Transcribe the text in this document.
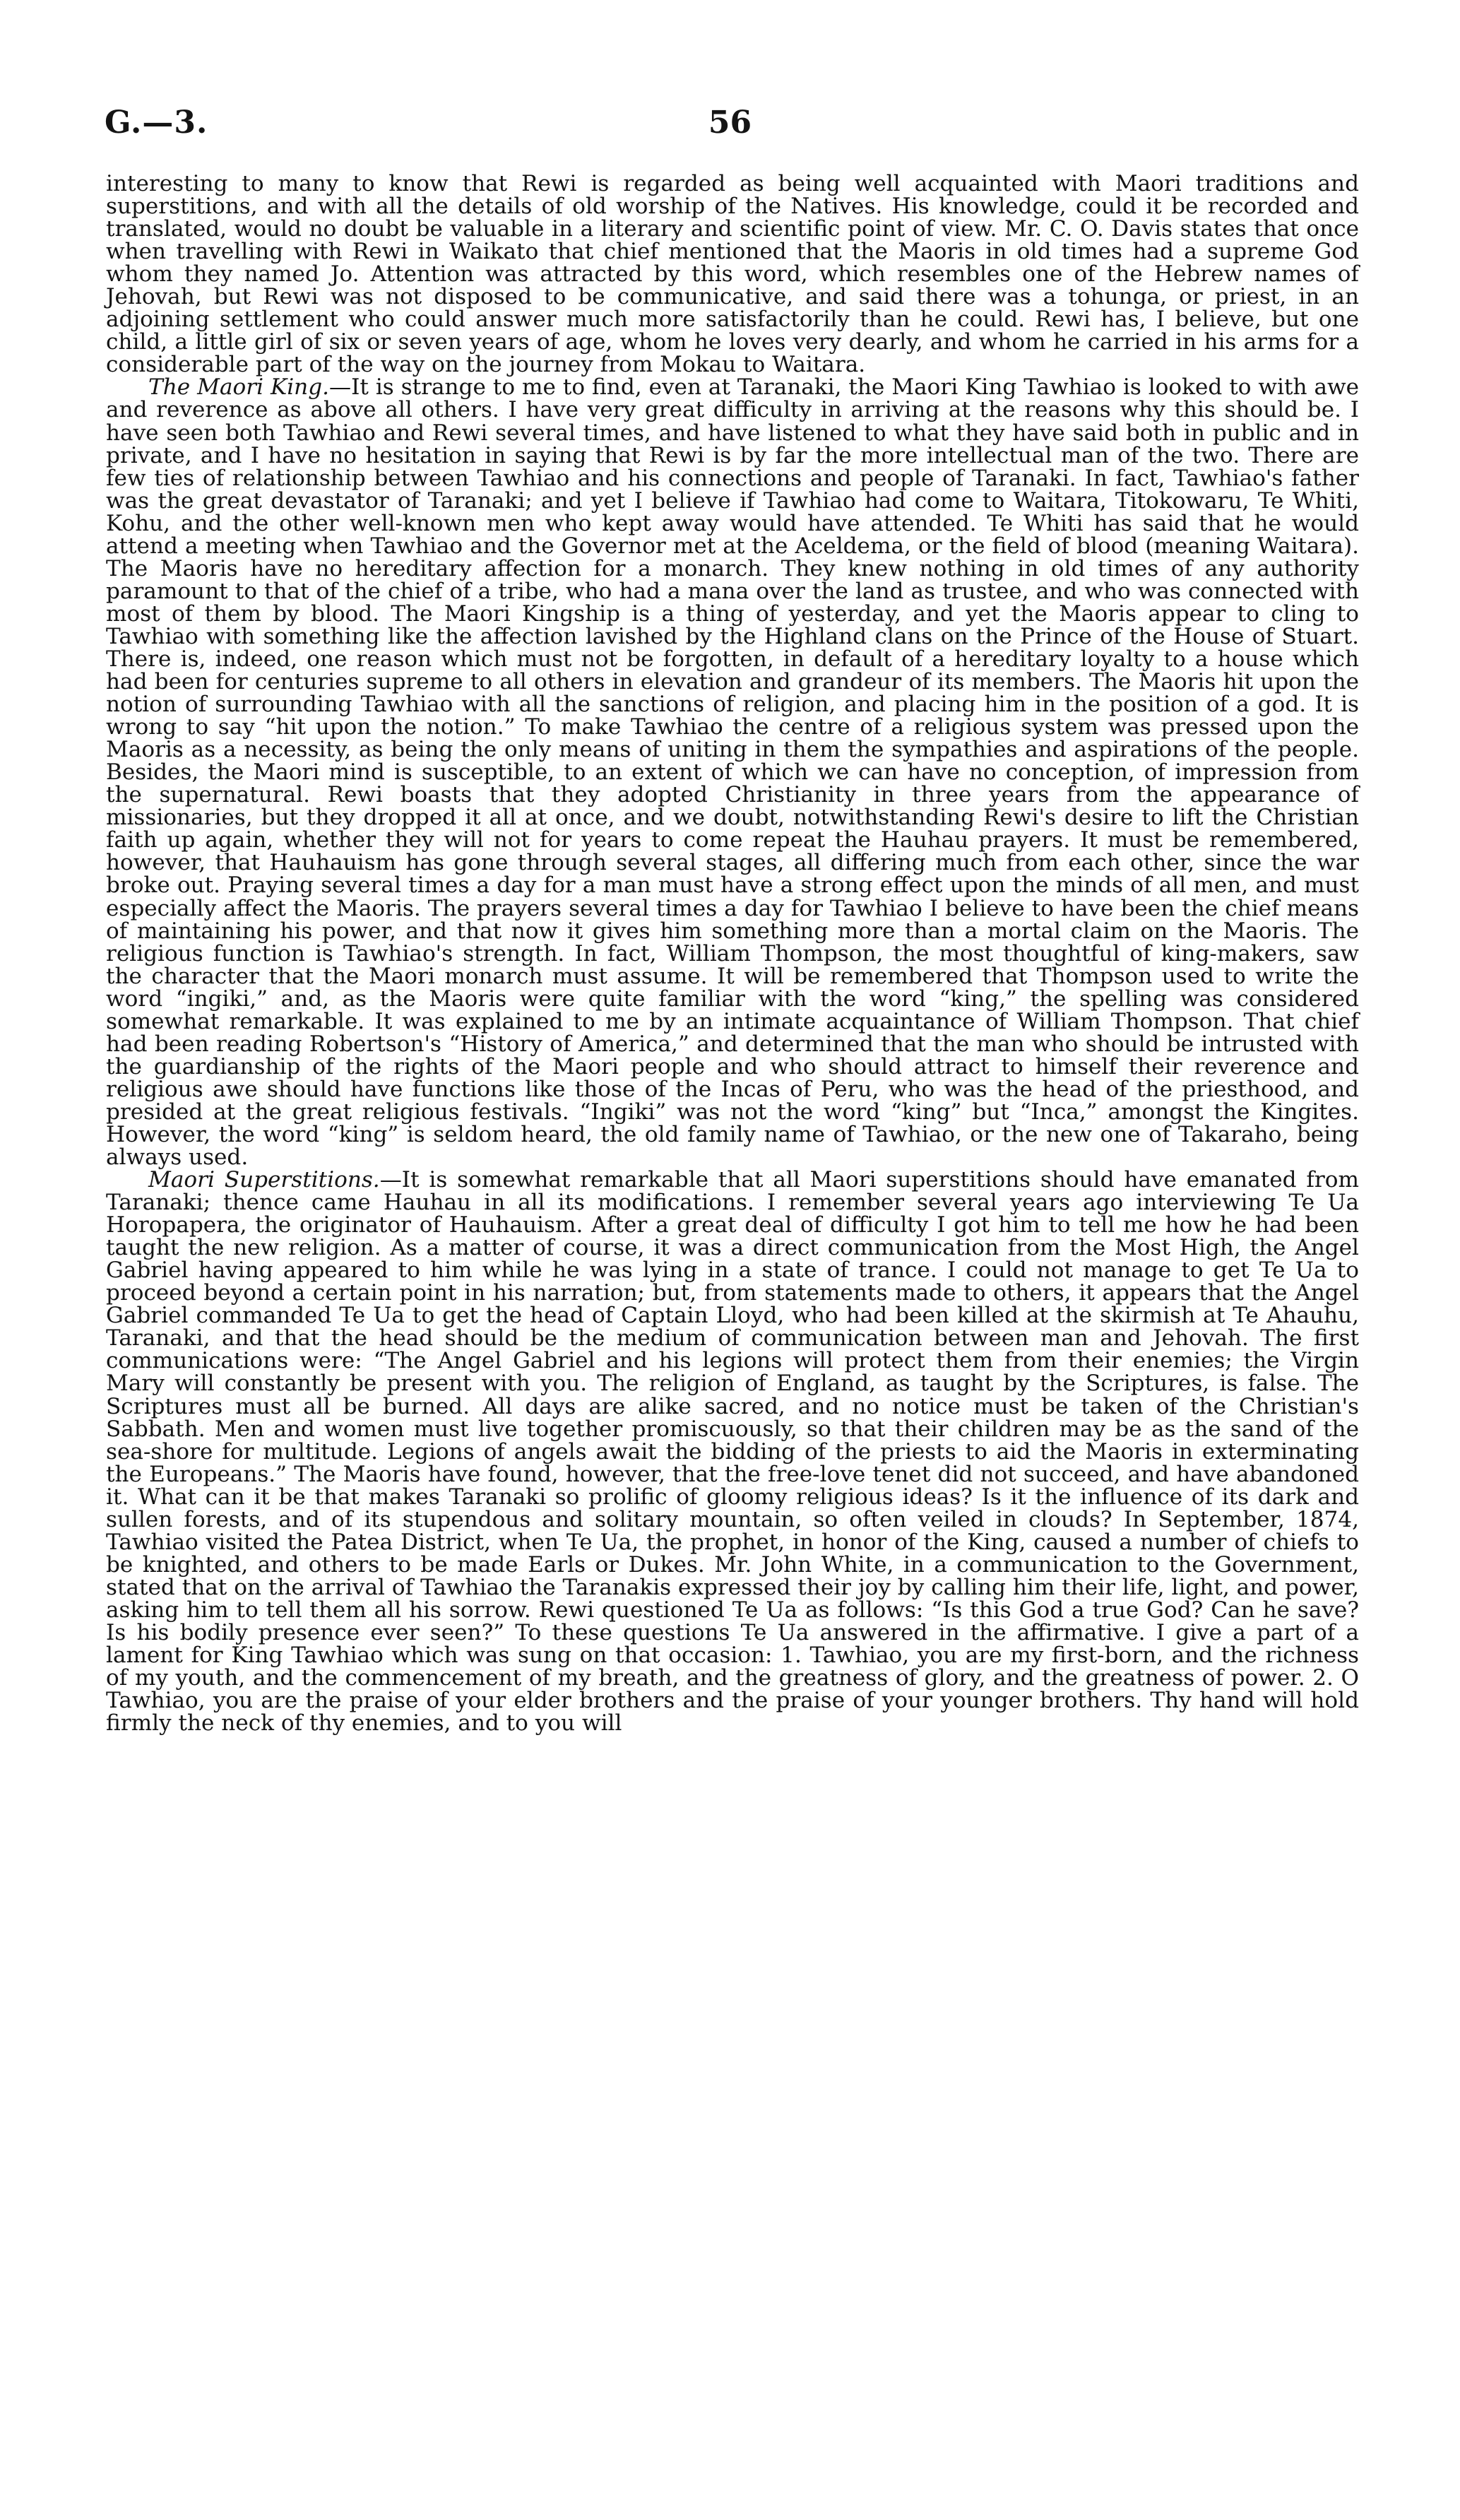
G.—3.	56

interesting to many to know that Rewi is regarded as being well acquainted with Maori traditions and superstitions, and with all the details of old worship of the Natives. His knowledge, could it be recorded and translated, would no doubt be valuable in a literary and scientific point of view. Mr. C. O. Davis states that once when travelling with Rewi in Waikato that chief mentioned that the Maoris in old times had a supreme God whom they named Jo. Attention was attracted by this word, which resembles one of the Hebrew names of Jehovah, but Rewi was not disposed to be communicative, and said there was a tohunga, or priest, in an adjoining settlement who could answer much more satisfactorily than he could. Rewi has, I believe, but one child, a little girl of six or seven years of age, whom he loves very dearly, and whom he carried in his arms for a considerable part of the way on the journey from Mokau to Waitara.

The Maori King.—It is strange to me to find, even at Taranaki, the Maori King Tawhiao is looked to with awe and reverence as above all others. I have very great difficulty in arriving at the reasons why this should be. I have seen both Tawhiao and Rewi several times, and have listened to what they have said both in public and in private, and I have no hesitation in saying that Rewi is by far the more intellectual man of the two. There are few ties of relationship between Tawhiao and his connections and people of Taranaki. In fact, Tawhiao's father was the great devastator of Taranaki; and yet I believe if Tawhiao had come to Waitara, Titokowaru, Te Whiti, Kohu, and the other well-known men who kept away would have attended. Te Whiti has said that he would attend a meeting when Tawhiao and the Governor met at the Aceldema, or the field of blood (meaning Waitara). The Maoris have no hereditary affection for a monarch. They knew nothing in old times of any authority paramount to that of the chief of a tribe, who had a mana over the land as trustee, and who was connected with most of them by blood. The Maori Kingship is a thing of yesterday, and yet the Maoris appear to cling to Tawhiao with something like the affection lavished by the Highland clans on the Prince of the House of Stuart. There is, indeed, one reason which must not be forgotten, in default of a hereditary loyalty to a house which had been for centuries supreme to all others in elevation and grandeur of its members. The Maoris hit upon the notion of surrounding Tawhiao with all the sanctions of religion, and placing him in the position of a god. It is wrong to say “hit upon the notion.” To make Tawhiao the centre of a religious system was pressed upon the Maoris as a necessity, as being the only means of uniting in them the sympathies and aspirations of the people. Besides, the Maori mind is susceptible, to an extent of which we can have no conception, of impression from the supernatural. Rewi boasts that they adopted Christianity in three years from the appearance of missionaries, but they dropped it all at once, and we doubt, notwithstanding Rewi's desire to lift the Christian faith up again, whether they will not for years to come repeat the Hauhau prayers. It must be remembered, however, that Hauhauism has gone through several stages, all differing much from each other, since the war broke out. Praying several times a day for a man must have a strong effect upon the minds of all men, and must especially affect the Maoris. The prayers several times a day for Tawhiao I believe to have been the chief means of maintaining his power, and that now it gives him something more than a mortal claim on the Maoris. The religious function is Tawhiao's strength. In fact, William Thompson, the most thoughtful of king-makers, saw the character that the Maori monarch must assume. It will be remembered that Thompson used to write the word “ingiki,” and, as the Maoris were quite familiar with the word “king,” the spelling was considered somewhat remarkable. It was explained to me by an intimate acquaintance of William Thompson. That chief had been reading Robertson's “History of America,” and determined that the man who should be intrusted with the guardianship of the rights of the Maori people and who should attract to himself their reverence and religious awe should have functions like those of the Incas of Peru, who was the head of the priesthood, and presided at the great religious festivals. “Ingiki” was not the word “king” but “Inca,” amongst the Kingites. However, the word “king” is seldom heard, the old family name of Tawhiao, or the new one of Takaraho, being always used.

Maori Superstitions.—It is somewhat remarkable that all Maori superstitions should have emanated from Taranaki; thence came Hauhau in all its modifications. I remember several years ago interviewing Te Ua Horopapera, the originator of Hauhauism. After a great deal of difficulty I got him to tell me how he had been taught the new religion. As a matter of course, it was a direct communication from the Most High, the Angel Gabriel having appeared to him while he was lying in a state of trance. I could not manage to get Te Ua to proceed beyond a certain point in his narration; but, from statements made to others, it appears that the Angel Gabriel commanded Te Ua to get the head of Captain Lloyd, who had been killed at the skirmish at Te Ahauhu, Taranaki, and that the head should be the medium of communication between man and Jehovah. The first communications were: “The Angel Gabriel and his legions will protect them from their enemies; the Virgin Mary will constantly be present with you. The religion of England, as taught by the Scriptures, is false. The Scriptures must all be burned. All days are alike sacred, and no notice must be taken of the Christian's Sabbath. Men and women must live together promiscuously, so that their children may be as the sand of the sea-shore for multitude. Legions of angels await the bidding of the priests to aid the Maoris in exterminating the Europeans.” The Maoris have found, however, that the free-love tenet did not succeed, and have abandoned it. What can it be that makes Taranaki so prolific of gloomy religious ideas? Is it the influence of its dark and sullen forests, and of its stupendous and solitary mountain, so often veiled in clouds? In September, 1874, Tawhiao visited the Patea District, when Te Ua, the prophet, in honor of the King, caused a number of chiefs to be knighted, and others to be made Earls or Dukes. Mr. John White, in a communication to the Government, stated that on the arrival of Tawhiao the Taranakis expressed their joy by calling him their life, light, and power, asking him to tell them all his sorrow. Rewi questioned Te Ua as follows: “Is this God a true God? Can he save? Is his bodily presence ever seen?” To these questions Te Ua answered in the affirmative. I give a part of a lament for King Tawhiao which was sung on that occasion: 1. Tawhiao, you are my first-born, and the richness of my youth, and the commencement of my breath, and the greatness of glory, and the greatness of power. 2. O Tawhiao, you are the praise of your elder brothers and the praise of your younger brothers. Thy hand will hold firmly the neck of thy enemies, and to you will
